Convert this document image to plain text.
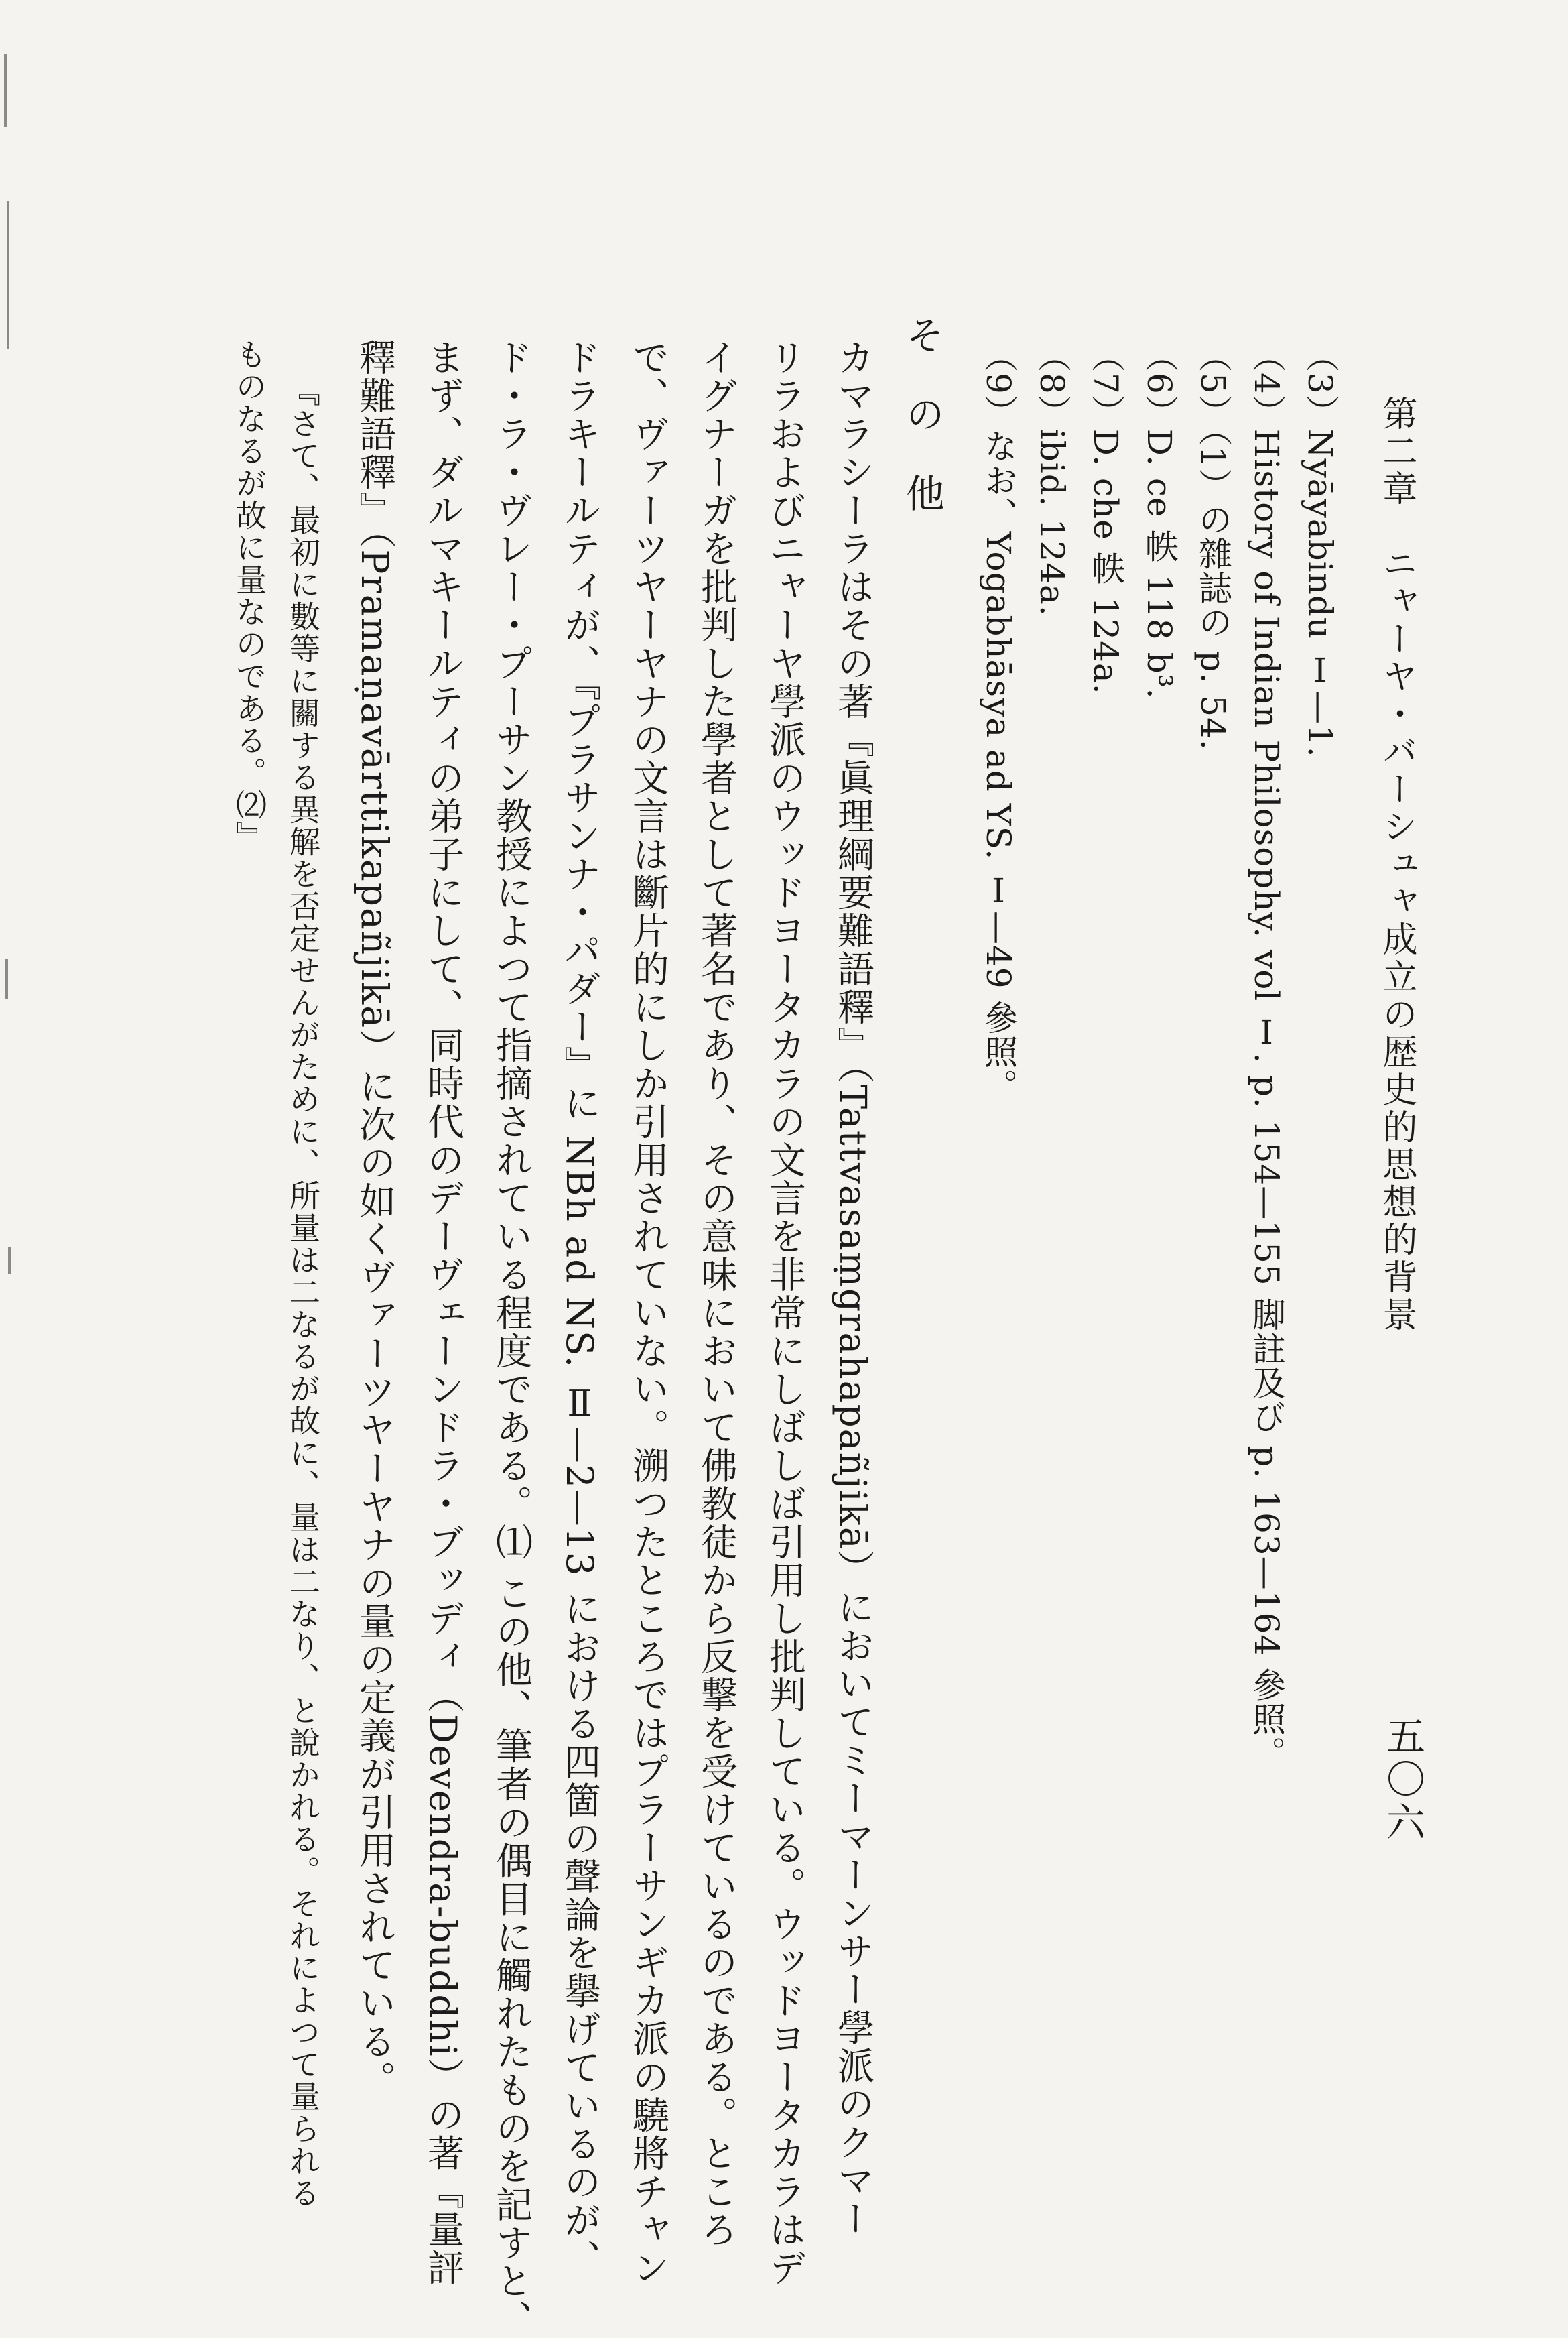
第二章　ニャーヤ・バーシュャ成立の歴史的思想的背景
五〇六
（3）Nyāyabindu Ⅰ—1.
（4）History of Indian Philosophy. vol Ⅰ. p. 154—155 脚註及び p. 163—164 參照。
（5）（1）の雜誌の p. 54.
（6）D. ce 帙 118 b³.
（7）D. che 帙 124a.
（8）ibid. 124a.
（9）なお、Yogabhāsya ad YS. Ⅰ—49 參照。
その他
カマラシーラはその著『眞理綱要難語釋』（Tattvasaṃgrahapañjikā）においてミーマーンサー學派のクマー
リラおよびニャーヤ學派のウッドヨータカラの文言を非常にしばしば引用し批判している。ウッドヨータカラはデ
イグナーガを批判した學者として著名であり、その意味において佛教徒から反撃を受けているのである。ところ
で、ヴァーツヤーヤナの文言は斷片的にしか引用されていない。溯つたところではプラーサンギカ派の驍將チャン
ドラキールティが、『プラサンナ・パダー』に NBh ad NS. Ⅱ—2—13 における四箇の聲論を擧げているのが、
ド・ラ・ヴレー・プーサン教授によつて指摘されている程度である。⑴ この他、筆者の偶目に觸れたものを記すと、
まず、ダルマキールティの弟子にして、同時代のデーヴェーンドラ・ブッディ（Devendra-buddhi）の著『量評
釋難語釋』（Pramaṇavārttikapañjikā）に次の如くヴァーツヤーヤナの量の定義が引用されている。
『さて、最初に數等に關する異解を否定せんがために、所量は二なるが故に、量は二なり、と說かれる。それによつて量られる
ものなるが故に量なのである。⑵』
